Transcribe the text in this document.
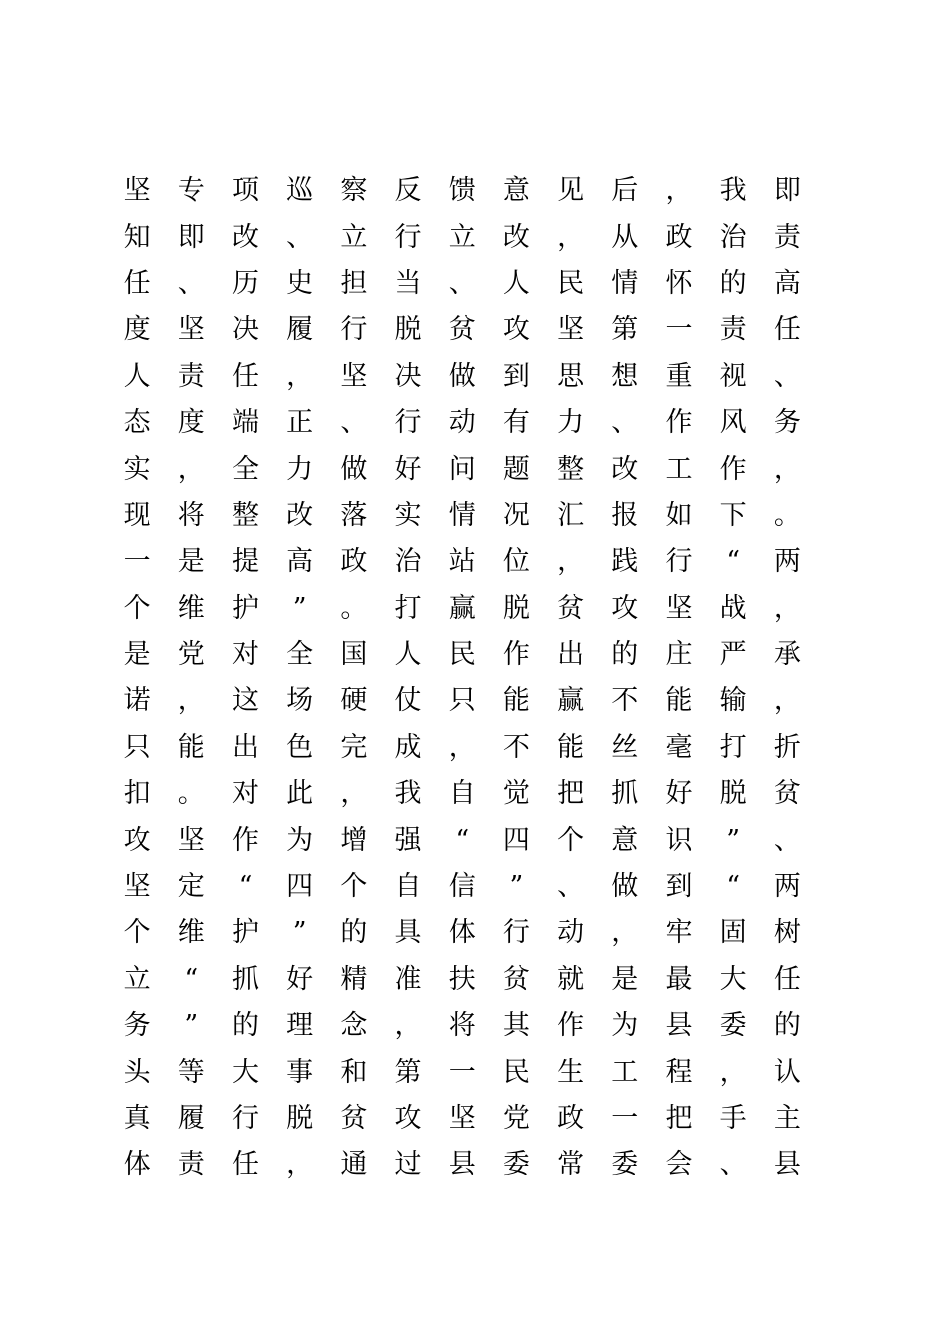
坚	专	项	巡	察	反	馈	意	见	后	，	我	即
知	即	改	、	立	行	立	改	，	从	政	治	责
任	、	历	史	担	当	、	人	民	情	怀	的	高
度	坚	决	履	行	脱	贫	攻	坚	第	一	责	任
人	责	任	，	坚	决	做	到	思	想	重	视	、
态	度	端	正	、	行	动	有	力	、	作	风	务
实	，	全	力	做	好	问	题	整	改	工	作	，
现	将	整	改	落	实	情	况	汇	报	如	下	。
一	是	提	高	政	治	站	位	，	践	行	“	两
个	维	护	”	。	打	赢	脱	贫	攻	坚	战	，
是	党	对	全	国	人	民	作	出	的	庄	严	承
诺	，	这	场	硬	仗	只	能	赢	不	能	输	，
只	能	出	色	完	成	，	不	能	丝	毫	打	折
扣	。	对	此	，	我	自	觉	把	抓	好	脱	贫
攻	坚	作	为	增	强	“	四	个	意	识	”	、
坚	定	“	四	个	自	信	”	、	做	到	“	两
个	维	护	”	的	具	体	行	动	，	牢	固	树
立	“	抓	好	精	准	扶	贫	就	是	最	大	任
务	”	的	理	念	，	将	其	作	为	县	委	的
头	等	大	事	和	第	一	民	生	工	程	，	认
真	履	行	脱	贫	攻	坚	党	政	一	把	手	主
体	责	任	，	通	过	县	委	常	委	会	、	县
